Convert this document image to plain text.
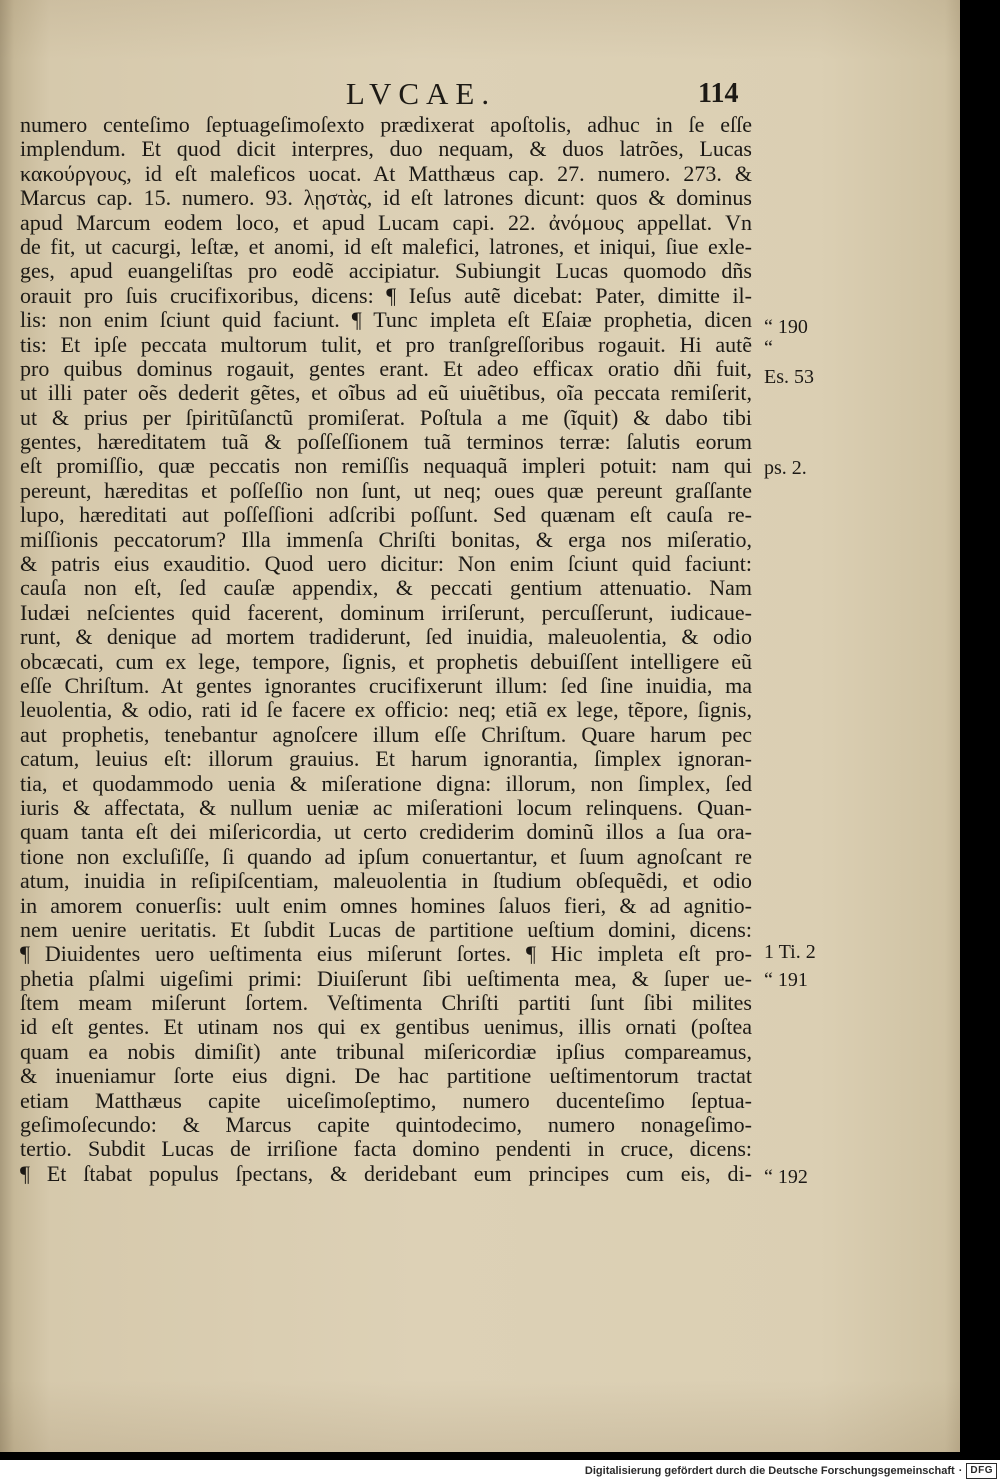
LVCAE.	114
numero centeſimo ſeptuageſimoſexto prædixerat apoſtolis, adhuc in ſe eſſe
implendum. Et quod dicit interpres, duo nequam, & duos latrões, Lucas
κακούργους, id eſt maleficos uocat. At Matthæus cap. 27. numero. 273. &
Marcus cap. 15. numero. 93. λῃστὰς, id eſt latrones dicunt: quos & dominus
apud Marcum eodem loco, et apud Lucam capi. 22. ἀνόμους appellat. Vn
de fit, ut cacurgi, leſtæ, et anomi, id eſt malefici, latrones, et iniqui, ſiue exle-
ges, apud euangeliſtas pro eodẽ accipiatur. Subiungit Lucas quomodo dñs
orauit pro ſuis crucifixoribus, dicens: ¶ Ieſus autẽ dicebat: Pater, dimitte il-
lis: non enim ſciunt quid faciunt. ¶ Tunc impleta eſt Eſaiæ prophetia, dicen
tis: Et ipſe peccata multorum tulit, et pro tranſgreſſoribus rogauit. Hi autẽ
pro quibus dominus rogauit, gentes erant. Et adeo efficax oratio dñi fuit,
ut illi pater oẽs dederit gẽtes, et oĩbus ad eũ uiuẽtibus, oĩa peccata remiſerit,
ut & prius per ſpiritũſanctũ promiſerat. Poſtula a me (ĩquit) & dabo tibi
gentes, hæreditatem tuã & poſſeſſionem tuã terminos terræ: ſalutis eorum
eſt promiſſio, quæ peccatis non remiſſis nequaquã impleri potuit: nam qui
pereunt, hæreditas et poſſeſſio non ſunt, ut neq; oues quæ pereunt graſſante
lupo, hæreditati aut poſſeſſioni adſcribi poſſunt. Sed quænam eſt cauſa re-
miſſionis peccatorum? Illa immenſa Chriſti bonitas, & erga nos miſeratio,
& patris eius exauditio. Quod uero dicitur: Non enim ſciunt quid faciunt:
cauſa non eſt, ſed cauſæ appendix, & peccati gentium attenuatio. Nam
Iudæi neſcientes quid facerent, dominum irriſerunt, percuſſerunt, iudicaue-
runt, & denique ad mortem tradiderunt, ſed inuidia, maleuolentia, & odio
obcæcati, cum ex lege, tempore, ſignis, et prophetis debuiſſent intelligere eũ
eſſe Chriſtum. At gentes ignorantes crucifixerunt illum: ſed ſine inuidia, ma
leuolentia, & odio, rati id ſe facere ex officio: neq; etiã ex lege, tẽpore, ſignis,
aut prophetis, tenebantur agnoſcere illum eſſe Chriſtum. Quare harum pec
catum, leuius eſt: illorum grauius. Et harum ignorantia, ſimplex ignoran-
tia, et quodammodo uenia & miſeratione digna: illorum, non ſimplex, ſed
iuris & affectata, & nullum ueniæ ac miſerationi locum relinquens. Quan-
quam tanta eſt dei miſericordia, ut certo crediderim dominũ illos a ſua ora-
tione non excluſiſſe, ſi quando ad ipſum conuertantur, et ſuum agnoſcant re
atum, inuidia in reſipiſcentiam, maleuolentia in ſtudium obſequẽdi, et odio
in amorem conuerſis: uult enim omnes homines ſaluos fieri, & ad agnitio-
nem uenire ueritatis. Et ſubdit Lucas de partitione ueſtium domini, dicens:
¶ Diuidentes uero ueſtimenta eius miſerunt ſortes. ¶ Hic impleta eſt pro-
phetia pſalmi uigeſimi primi: Diuiſerunt ſibi ueſtimenta mea, & ſuper ue-
ſtem meam miſerunt ſortem. Veſtimenta Chriſti partiti ſunt ſibi milites
id eſt gentes. Et utinam nos qui ex gentibus uenimus, illis ornati (poſtea
quam ea nobis dimiſit) ante tribunal miſericordiæ ipſius compareamus,
& inueniamur ſorte eius digni. De hac partitione ueſtimentorum tractat
etiam Matthæus capite uiceſimoſeptimo, numero ducenteſimo ſeptua-
geſimoſecundo: & Marcus capite quintodecimo, numero nonageſimo-
tertio. Subdit Lucas de irriſione facta domino pendenti in cruce, dicens:
¶ Et ſtabat populus ſpectans, & deridebant eum principes cum eis, di-
“ 190
“
Es. 53
ps. 2.
1 Ti. 2
“ 191
“ 192
Digitalisierung gefördert durch die Deutsche Forschungsgemeinschaft · DFG
